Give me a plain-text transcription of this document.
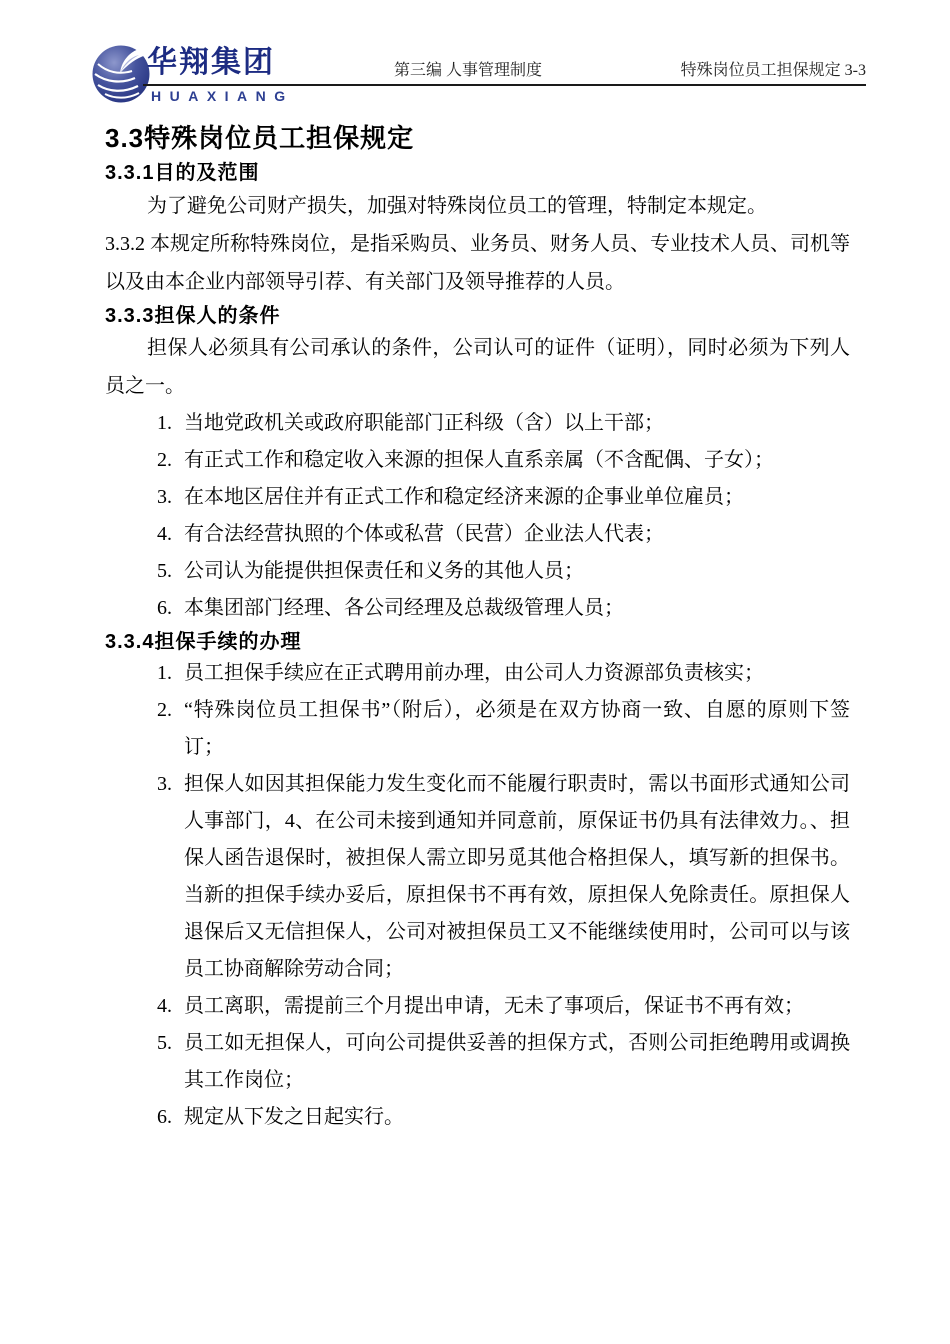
华翔集团
HUAXIANG
第三编 人事管理制度	特殊岗位员工担保规定 3-3
3.3特殊岗位员工担保规定
3.3.1目的及范围

为了避免公司财产损失，加强对特殊岗位员工的管理，特制定本规定。

3.3.2 本规定所称特殊岗位，是指采购员、业务员、财务人员、专业技术人员、司机等以及由本企业内部领导引荐、有关部门及领导推荐的人员。

3.3.3担保人的条件

担保人必须具有公司承认的条件，公司认可的证件（证明），同时必须为下列人员之一。

1. 当地党政机关或政府职能部门正科级（含）以上干部；
2. 有正式工作和稳定收入来源的担保人直系亲属（不含配偶、子女）；
3. 在本地区居住并有正式工作和稳定经济来源的企事业单位雇员；
4. 有合法经营执照的个体或私营（民营）企业法人代表；
5. 公司认为能提供担保责任和义务的其他人员；
6. 本集团部门经理、各公司经理及总裁级管理人员；
3.3.4担保手续的办理
1. 员工担保手续应在正式聘用前办理，由公司人力资源部负责核实；
2. “特殊岗位员工担保书”（附后），必须是在双方协商一致、自愿的原则下签订；
3. 担保人如因其担保能力发生变化而不能履行职责时，需以书面形式通知公司人事部门，4、在公司未接到通知并同意前，原保证书仍具有法律效力。、担保人函告退保时，被担保人需立即另觅其他合格担保人，填写新的担保书。当新的担保手续办妥后，原担保书不再有效，原担保人免除责任。原担保人退保后又无信担保人，公司对被担保员工又不能继续使用时，公司可以与该员工协商解除劳动合同；
4. 员工离职，需提前三个月提出申请，无未了事项后，保证书不再有效；
5. 员工如无担保人，可向公司提供妥善的担保方式，否则公司拒绝聘用或调换其工作岗位；
6. 规定从下发之日起实行。
